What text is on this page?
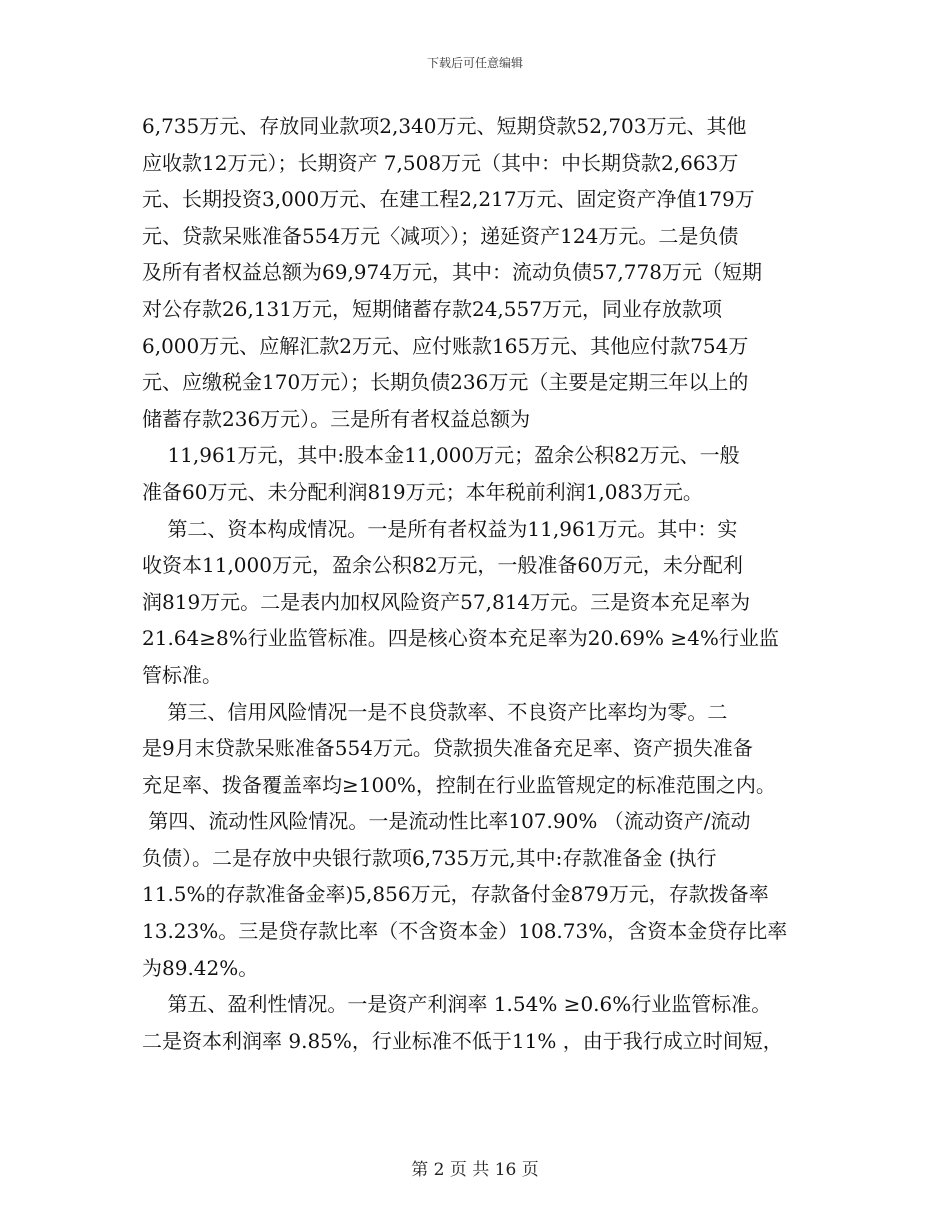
下载后可任意编辑

6,735万元、存放同业款项2,340万元、短期贷款52,703万元、其他

应收款12万元）；长期资产 7,508万元（其中：中长期贷款2,663万

元、长期投资3,000万元、在建工程2,217万元、固定资产净值179万

元、贷款呆账准备554万元〈减项〉）；递延资产124万元。二是负债

及所有者权益总额为69,974万元，其中：流动负债57,778万元（短期

对公存款26,131万元，短期储蓄存款24,557万元，同业存放款项

6,000万元、应解汇款2万元、应付账款165万元、其他应付款754万

元、应缴税金170万元）；长期负债236万元（主要是定期三年以上的

储蓄存款236万元）。三是所有者权益总额为

11,961万元，其中:股本金11,000万元；盈余公积82万元、一般

准备60万元、未分配利润819万元；本年税前利润1,083万元。

第二、资本构成情况。一是所有者权益为11,961万元。其中：实

收资本11,000万元，盈余公积82万元，一般准备60万元，未分配利

润819万元。二是表内加权风险资产57,814万元。三是资本充足率为

21.64≥8%行业监管标准。四是核心资本充足率为20.69% ≥4%行业监

管标准。

第三、信用风险情况一是不良贷款率、不良资产比率均为零。二

是9月末贷款呆账准备554万元。贷款损失准备充足率、资产损失准备

充足率、拨备覆盖率均≥100%，控制在行业监管规定的标准范围之内。

第四、流动性风险情况。一是流动性比率107.90% （流动资产/流动

负债）。二是存放中央银行款项6,735万元,其中:存款准备金 (执行

11.5%的存款准备金率)5,856万元，存款备付金879万元，存款拨备率

13.23%。三是贷存款比率（不含资本金）108.73%，含资本金贷存比率

为89.42%。

第五、盈利性情况。一是资产利润率 1.54% ≥0.6%行业监管标准。

二是资本利润率 9.85%，行业标准不低于11% ，由于我行成立时间短，

第 2 页 共 16 页
